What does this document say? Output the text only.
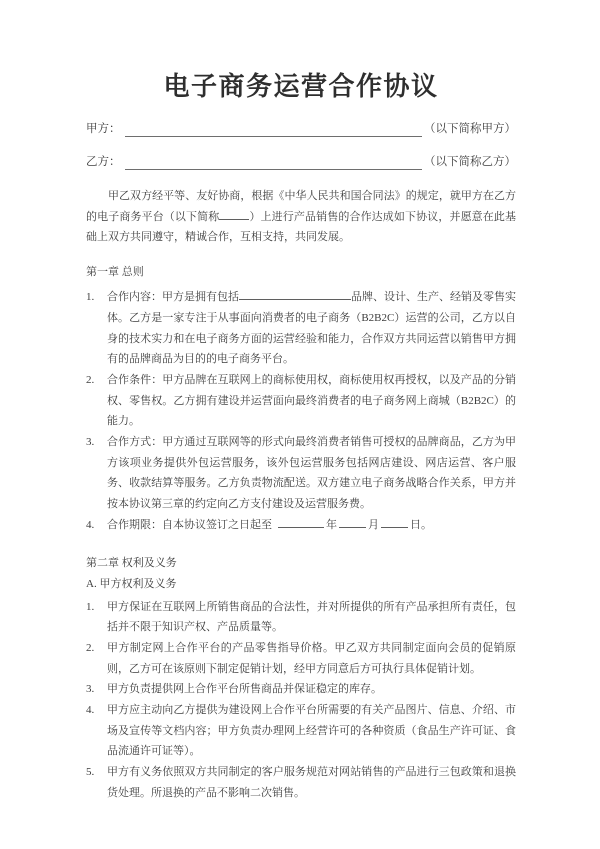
电子商务运营合作协议
甲方：	（以下简称甲方）
乙方：	（以下简称乙方）

甲乙双方经平等、友好协商，根据《中华人民共和国合同法》的规定，就甲方在乙方的电子商务平台（以下简称	）上进行产品销售的合作达成如下协议，并愿意在此基础上双方共同遵守，精诚合作，互相支持，共同发展。

第一章 总则
1.	合作内容：甲方是拥有包括	品牌、设计、生产、经销及零售实体。乙方是一家专注于从事面向消费者的电子商务（B2B2C）运营的公司，乙方以自身的技术实力和在电子商务方面的运营经验和能力，合作双方共同运营以销售甲方拥有的品牌商品为目的的电子商务平台。
2.	合作条件：甲方品牌在互联网上的商标使用权，商标使用权再授权，以及产品的分销权、零售权。乙方拥有建设并运营面向最终消费者的电子商务网上商城（B2B2C）的能力。
3.	合作方式：甲方通过互联网等的形式向最终消费者销售可授权的品牌商品，乙方为甲方该项业务提供外包运营服务，该外包运营服务包括网店建设、网店运营、客户服务、收款结算等服务。乙方负责物流配送。双方建立电子商务战略合作关系，甲方并按本协议第三章的约定向乙方支付建设及运营服务费。
4.	合作期限：自本协议签订之日起至	年	月	日。
第二章 权利及义务
A. 甲方权利及义务
1.	甲方保证在互联网上所销售商品的合法性，并对所提供的所有产品承担所有责任，包括并不限于知识产权、产品质量等。
2.	甲方制定网上合作平台的产品零售指导价格。甲乙双方共同制定面向会员的促销原则，乙方可在该原则下制定促销计划，经甲方同意后方可执行具体促销计划。
3.	甲方负责提供网上合作平台所售商品并保证稳定的库存。
4.	甲方应主动向乙方提供为建设网上合作平台所需要的有关产品图片、信息、介绍、市场及宣传等文档内容；甲方负责办理网上经营许可的各种资质（食品生产许可证、食品流通许可证等）。
5.	甲方有义务依照双方共同制定的客户服务规范对网站销售的产品进行三包政策和退换货处理。所退换的产品不影响二次销售。
